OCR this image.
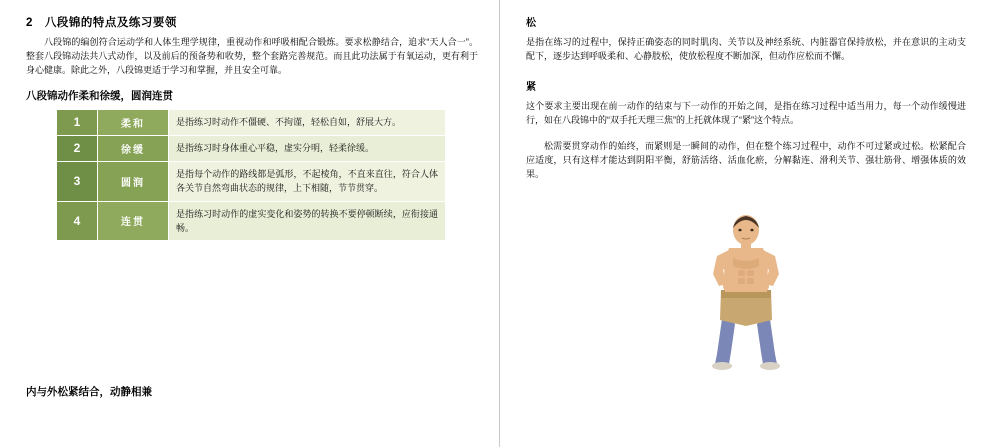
2 八段锦的特点及练习要领

八段锦的编创符合运动学和人体生理学规律，重视动作和呼吸相配合锻炼。要求松静结合，追求“天人合一”。整套八段锦动法共八式动作，以及前后的预备势和收势，整个套路完善规范。而且此功法属于有氧运动，更有利于身心健康。除此之外，八段锦更适于学习和掌握，并且安全可靠。

八段锦动作柔和徐缓，圆润连贯
1	柔和	是指练习时动作不僵硬、不拘谨，轻松自如，舒展大方。
2	徐缓	是指练习时身体重心平稳，虚实分明，轻柔徐缓。
3	圆润	是指每个动作的路线都是弧形，不起棱角，不直来直往，符合人体各关节自然弯曲状态的规律，上下相随，节节贯穿。
4	连贯	是指练习时动作的虚实变化和姿势的转换不要停顿断续，应衔接通畅。
内与外松紧结合，动静相兼
松

是指在练习的过程中，保持正确姿态的同时肌肉、关节以及神经系统、内脏器官保持放松，并在意识的主动支配下，逐步达到呼吸柔和、心静肢松，使放松程度不断加深，但动作应松而不懈。

紧

这个要求主要出现在前一动作的结束与下一动作的开始之间，是指在练习过程中适当用力，每一个动作缓慢进行，如在八段锦中的“双手托天理三焦”的上托就体现了“紧”这个特点。

松需要贯穿动作的始终，而紧则是一瞬间的动作，但在整个练习过程中，动作不可过紧或过松。松紧配合应适度，只有这样才能达到阴阳平衡，舒筋活络、活血化瘀，分解黏连、滑利关节、强壮筋骨、增强体质的效果。
